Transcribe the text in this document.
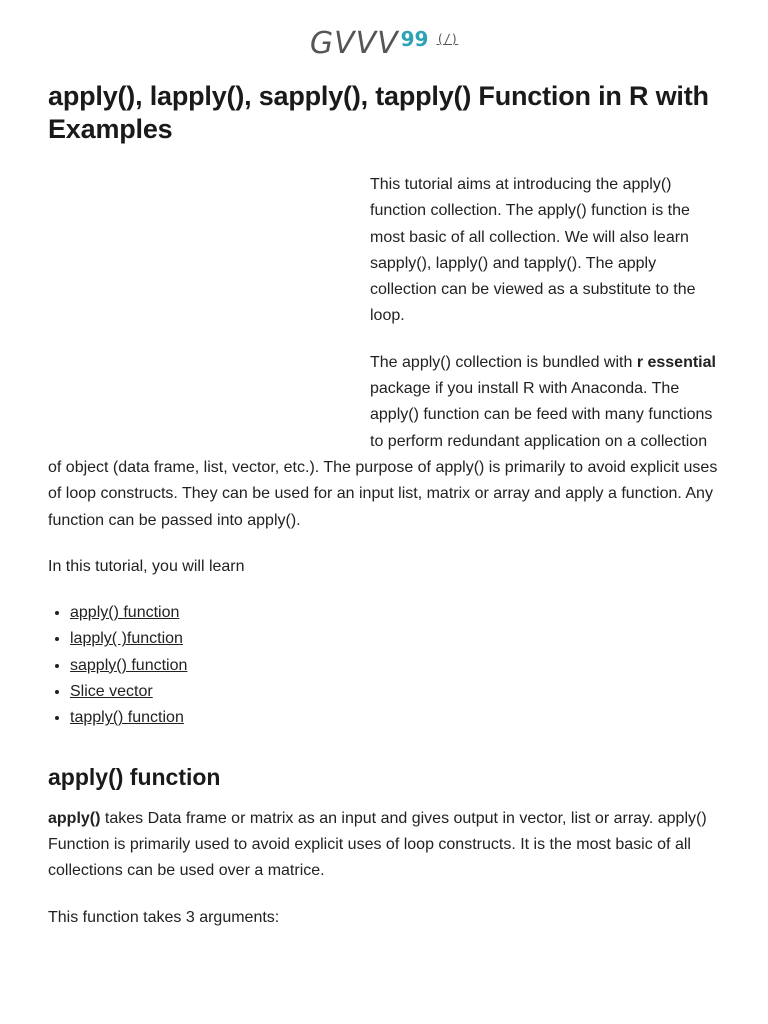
GVVV 99 (/)
apply(), lapply(), sapply(), tapply() Function in R with Examples

This tutorial aims at introducing the apply() function collection. The apply() function is the most basic of all collection. We will also learn sapply(), lapply() and tapply(). The apply collection can be viewed as a substitute to the loop.

The apply() collection is bundled with r essential package if you install R with Anaconda. The apply() function can be feed with many functions to perform redundant application on a collection of object (data frame, list, vector, etc.). The purpose of apply() is primarily to avoid explicit uses of loop constructs. They can be used for an input list, matrix or array and apply a function. Any function can be passed into apply().

In this tutorial, you will learn

• apply() function
• lapply( )function
• sapply() function
• Slice vector
• tapply() function
apply() function

apply() takes Data frame or matrix as an input and gives output in vector, list or array. apply() Function is primarily used to avoid explicit uses of loop constructs. It is the most basic of all collections can be used over a matrice.

This function takes 3 arguments:
